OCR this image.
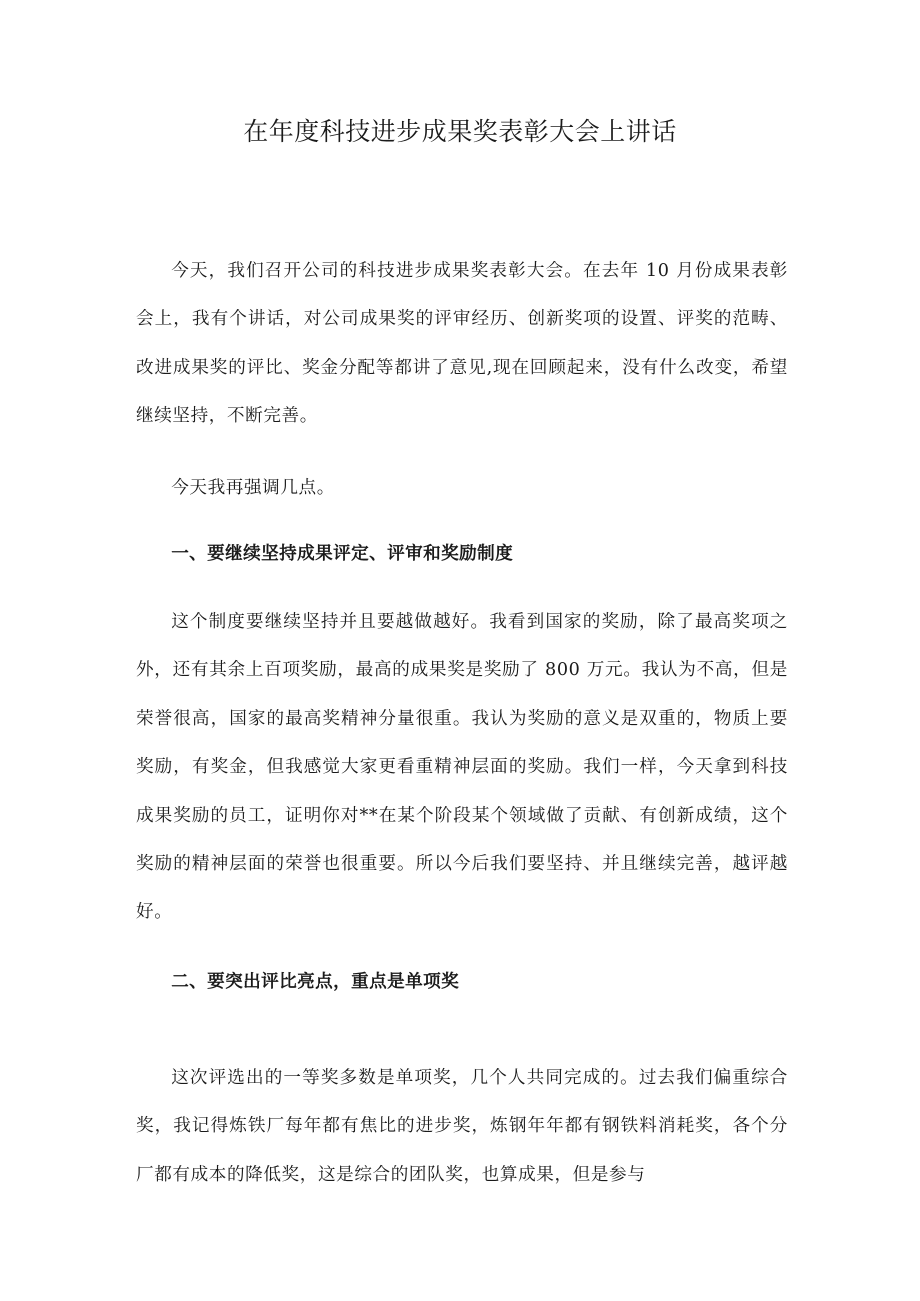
在年度科技进步成果奖表彰大会上讲话

今天，我们召开公司的科技进步成果奖表彰大会。在去年 10 月份成果表彰会上，我有个讲话，对公司成果奖的评审经历、创新奖项的设置、评奖的范畴、改进成果奖的评比、奖金分配等都讲了意见,现在回顾起来，没有什么改变，希望继续坚持，不断完善。

今天我再强调几点。

一、要继续坚持成果评定、评审和奖励制度

这个制度要继续坚持并且要越做越好。我看到国家的奖励，除了最高奖项之外，还有其余上百项奖励，最高的成果奖是奖励了 800 万元。我认为不高，但是荣誉很高，国家的最高奖精神分量很重。我认为奖励的意义是双重的，物质上要奖励，有奖金，但我感觉大家更看重精神层面的奖励。我们一样，今天拿到科技成果奖励的员工，证明你对**在某个阶段某个领域做了贡献、有创新成绩，这个奖励的精神层面的荣誉也很重要。所以今后我们要坚持、并且继续完善，越评越好。

二、要突出评比亮点，重点是单项奖

这次评选出的一等奖多数是单项奖，几个人共同完成的。过去我们偏重综合奖，我记得炼铁厂每年都有焦比的进步奖，炼钢年年都有钢铁料消耗奖，各个分厂都有成本的降低奖，这是综合的团队奖，也算成果，但是参与
